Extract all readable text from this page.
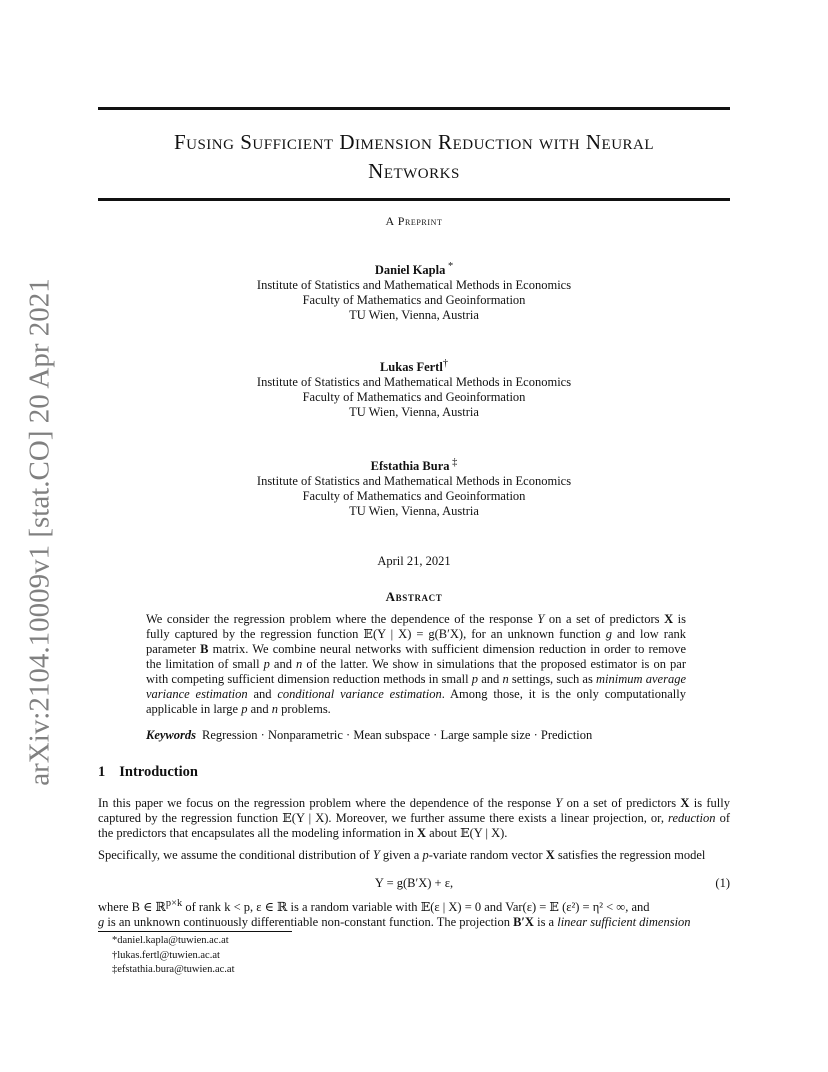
arXiv:2104.10009v1 [stat.CO] 20 Apr 2021
Fusing Sufficient Dimension Reduction with Neural
Networks
A Preprint
Daniel Kapla *
Institute of Statistics and Mathematical Methods in Economics
Faculty of Mathematics and Geoinformation
TU Wien, Vienna, Austria
Lukas Fertl†
Institute of Statistics and Mathematical Methods in Economics
Faculty of Mathematics and Geoinformation
TU Wien, Vienna, Austria
Efstathia Bura ‡
Institute of Statistics and Mathematical Methods in Economics
Faculty of Mathematics and Geoinformation
TU Wien, Vienna, Austria
April 21, 2021
Abstract
We consider the regression problem where the dependence of the response Y on a set of predictors X is fully captured by the regression function 𝔼(Y | X) = g(B′X), for an unknown function g and low rank parameter B matrix. We combine neural networks with sufficient dimension reduction in order to remove the limitation of small p and n of the latter. We show in simulations that the proposed estimator is on par with competing sufficient dimension reduction methods in small p and n settings, such as minimum average variance estimation and conditional variance estimation. Among those, it is the only computationally applicable in large p and n problems.
Keywords Regression · Nonparametric · Mean subspace · Large sample size · Prediction
1 Introduction
In this paper we focus on the regression problem where the dependence of the response Y on a set of predictors X is fully captured by the regression function 𝔼(Y | X). Moreover, we further assume there exists a linear projection, or, reduction of the predictors that encapsulates all the modeling information in X about 𝔼(Y | X).
Specifically, we assume the conditional distribution of Y given a p-variate random vector X satisfies the regression model
Y = g(B′X) + ε,	(1)
where B ∈ ℝ$^{p\times k}$ of rank k < p, ε ∈ ℝ is a random variable with 𝔼(ε | X) = 0 and Var(ε) = 𝔼 (ε²) = η² < ∞, and
g is an unknown continuously differentiable non-constant function. The projection B′X is a linear sufficient dimension
*daniel.kapla@tuwien.ac.at
†lukas.fertl@tuwien.ac.at
‡efstathia.bura@tuwien.ac.at
